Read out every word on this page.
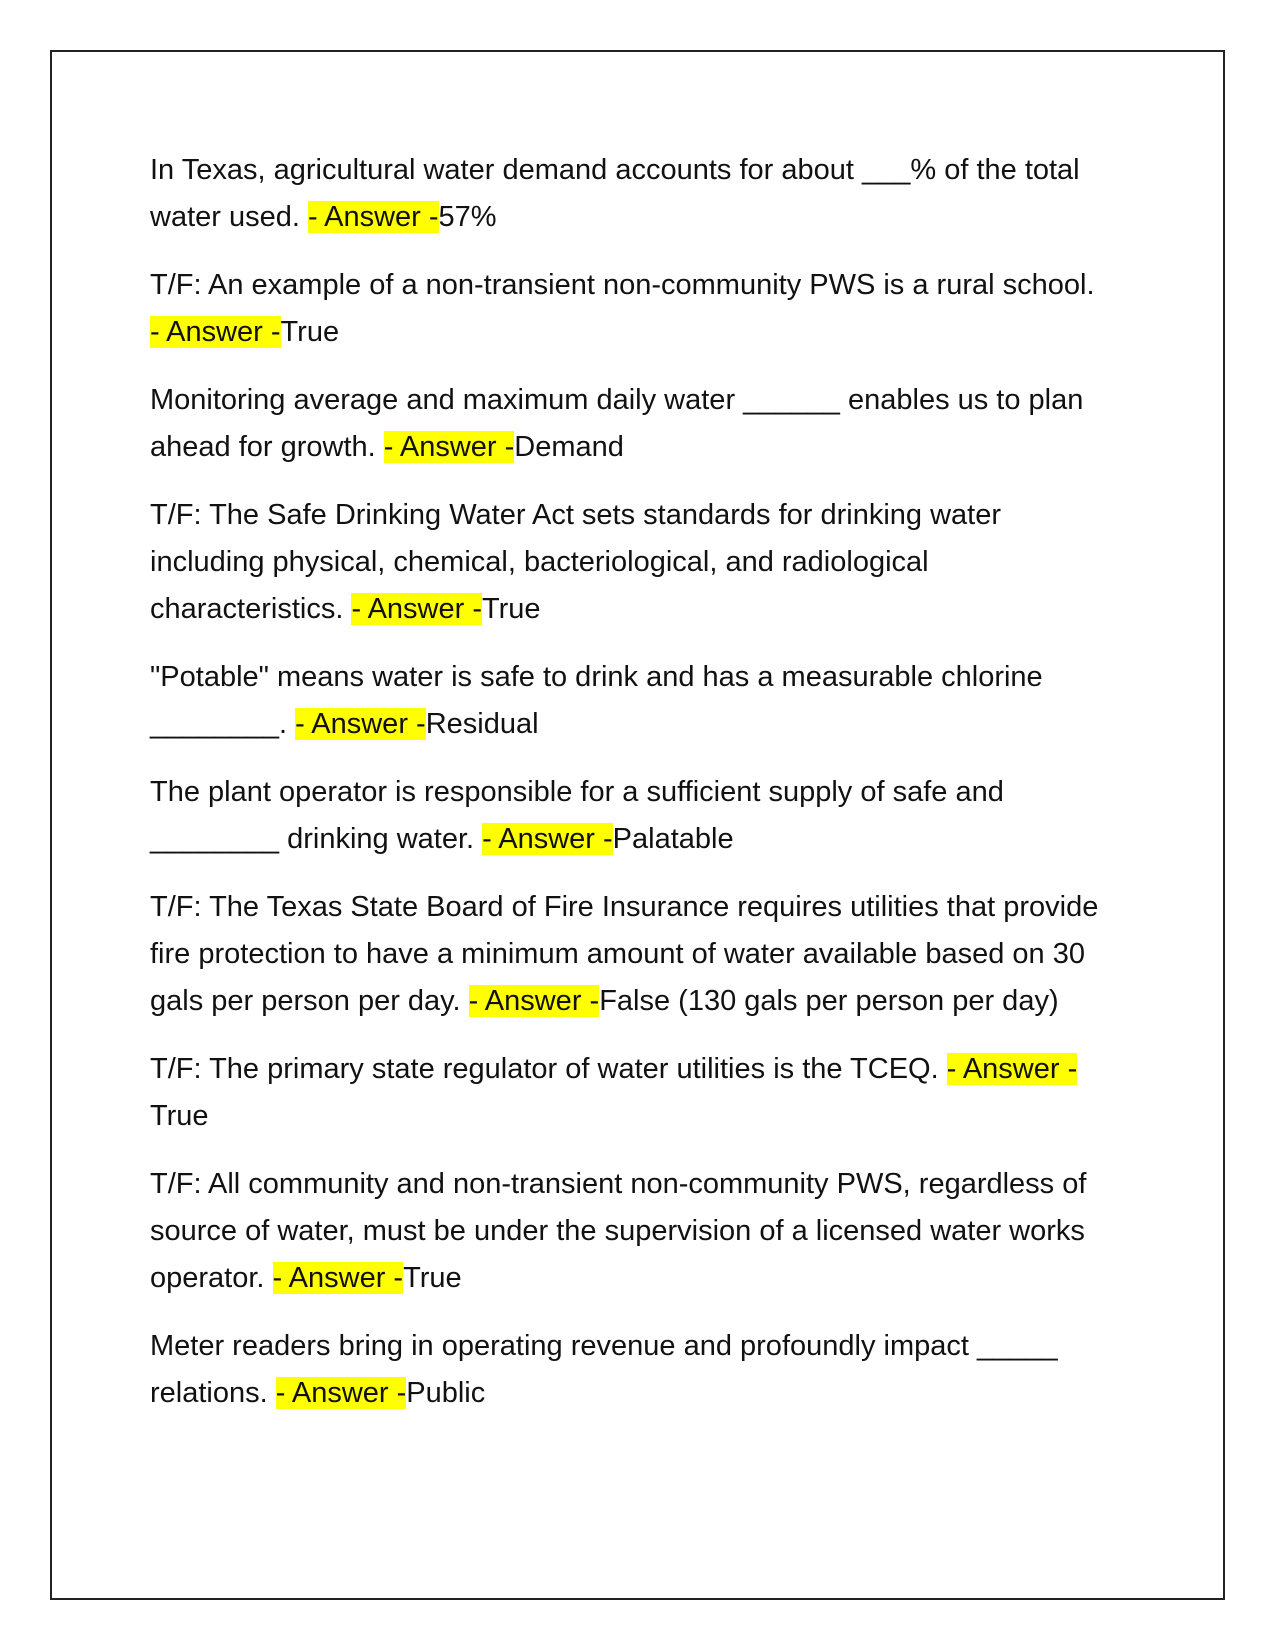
In Texas, agricultural water demand accounts for about ___% of the total water used. - Answer -57%
T/F: An example of a non-transient non-community PWS is a rural school. - Answer -True
Monitoring average and maximum daily water ______ enables us to plan ahead for growth. - Answer -Demand
T/F: The Safe Drinking Water Act sets standards for drinking water including physical, chemical, bacteriological, and radiological characteristics. - Answer -True
"Potable" means water is safe to drink and has a measurable chlorine ________. - Answer -Residual
The plant operator is responsible for a sufficient supply of safe and ________ drinking water. - Answer -Palatable
T/F: The Texas State Board of Fire Insurance requires utilities that provide fire protection to have a minimum amount of water available based on 30 gals per person per day. - Answer -False (130 gals per person per day)
T/F: The primary state regulator of water utilities is the TCEQ. - Answer -True
T/F: All community and non-transient non-community PWS, regardless of source of water, must be under the supervision of a licensed water works operator. - Answer -True
Meter readers bring in operating revenue and profoundly impact _____ relations. - Answer -Public
